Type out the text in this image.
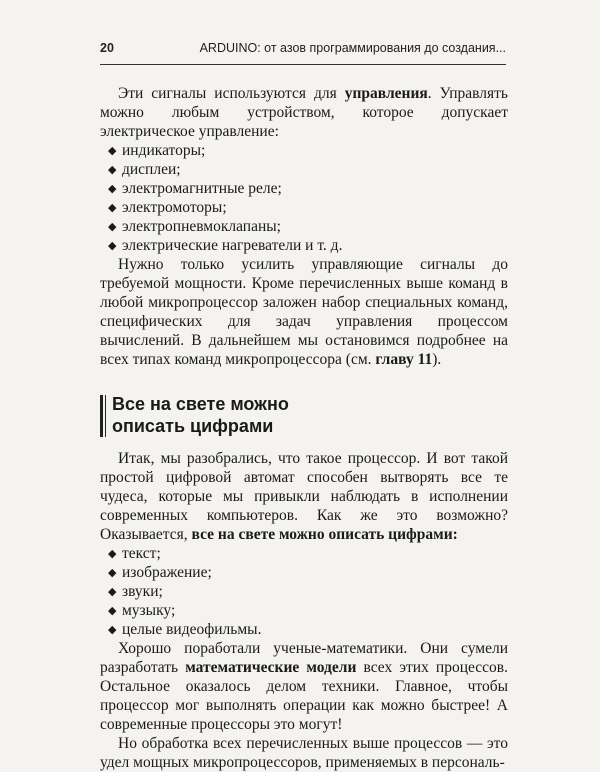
20	ARDUINO: от азов программирования до создания...

Эти сигналы используются для управления. Управлять можно любым устройством, которое допускает электрическое управление:

◆ индикаторы;
◆ дисплеи;
◆ электромагнитные реле;
◆ электромоторы;
◆ электропневмоклапаны;
◆ электрические нагреватели и т. д.

Нужно только усилить управляющие сигналы до требуемой мощности. Кроме перечисленных выше команд в любой микропроцессор заложен набор специальных команд, специфических для задач управления процессом вычислений. В дальнейшем мы остановимся подробнее на всех типах команд микропроцессора (см. главу 11).

Все на свете можно
описать цифрами

Итак, мы разобрались, что такое процессор. И вот такой простой цифровой автомат способен вытворять все те чудеса, которые мы привыкли наблюдать в исполнении современных компьютеров. Как же это возможно? Оказывается, все на свете можно описать цифрами:

◆ текст;
◆ изображение;
◆ звуки;
◆ музыку;
◆ целые видеофильмы.

Хорошо поработали ученые-математики. Они сумели разработать математические модели всех этих процессов. Остальное оказалось делом техники. Главное, чтобы процессор мог выполнять операции как можно быстрее! А современные процессоры это могут!

Но обработка всех перечисленных выше процессов — это удел мощных микропроцессоров, применяемых в персональ-
